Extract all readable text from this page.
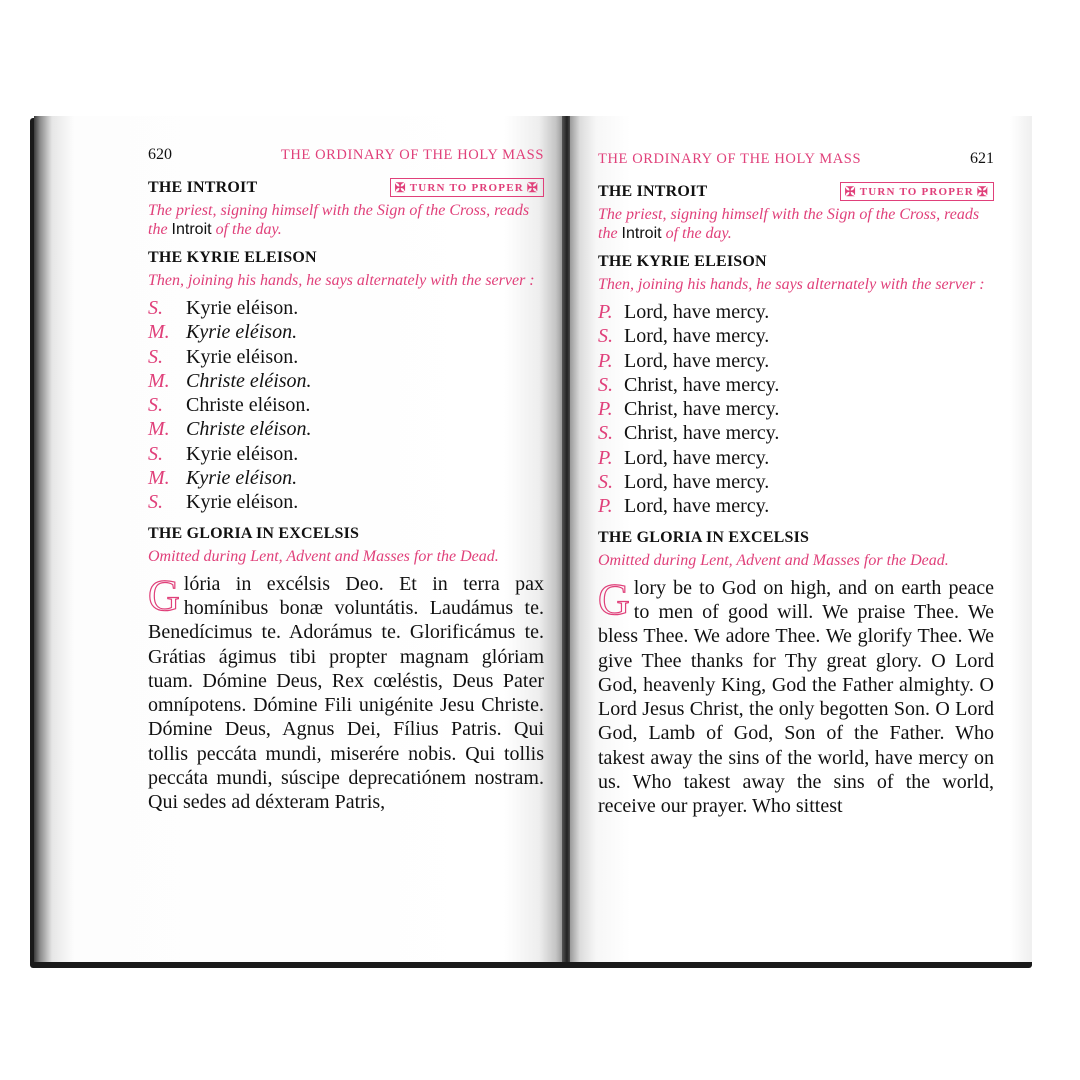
620	THE ORDINARY OF THE HOLY MASS
THE INTROIT	✠ TURN TO PROPER ✠
The priest, signing himself with the Sign of the Cross, reads the Introit of the day.
THE KYRIE ELEISON
Then, joining his hands, he says alternately with the server :
S.	Kyrie eléison.
M. Kyrie eléison.
S.	Kyrie eléison.
M. Christe eléison.
S.	Christe eléison.
M. Christe eléison.
S.	Kyrie eléison.
M. Kyrie eléison.
S.	Kyrie eléison.
THE GLORIA IN EXCELSIS
Omitted during Lent, Advent and Masses for the Dead.
Glória in excélsis Deo. Et in terra pax homínibus bonæ voluntátis. Laudámus te. Benedícimus te. Adorámus te. Glorificámus te. Grátias ágimus tibi propter magnam glóriam tuam. Dómine Deus, Rex cœléstis, Deus Pater omnípotens. Dómine Fili unigénite Jesu Christe. Dómine Deus, Agnus Dei, Fílius Patris. Qui tollis peccáta mundi, miserére nobis. Qui tollis peccáta mundi, súscipe deprecatiónem nostram. Qui sedes ad déxteram Patris,
THE ORDINARY OF THE HOLY MASS	621
THE INTROIT	✠ TURN TO PROPER ✠
The priest, signing himself with the Sign of the Cross, reads the Introit of the day.
THE KYRIE ELEISON
Then, joining his hands, he says alternately with the server :
P. Lord, have mercy.
S. Lord, have mercy.
P. Lord, have mercy.
S. Christ, have mercy.
P. Christ, have mercy.
S. Christ, have mercy.
P. Lord, have mercy.
S. Lord, have mercy.
P. Lord, have mercy.
THE GLORIA IN EXCELSIS
Omitted during Lent, Advent and Masses for the Dead.
Glory be to God on high, and on earth peace to men of good will. We praise Thee. We bless Thee. We adore Thee. We glorify Thee. We give Thee thanks for Thy great glory. O Lord God, heavenly King, God the Father almighty. O Lord Jesus Christ, the only begotten Son. O Lord God, Lamb of God, Son of the Father. Who takest away the sins of the world, have mercy on us. Who takest away the sins of the world, receive our prayer. Who sittest
